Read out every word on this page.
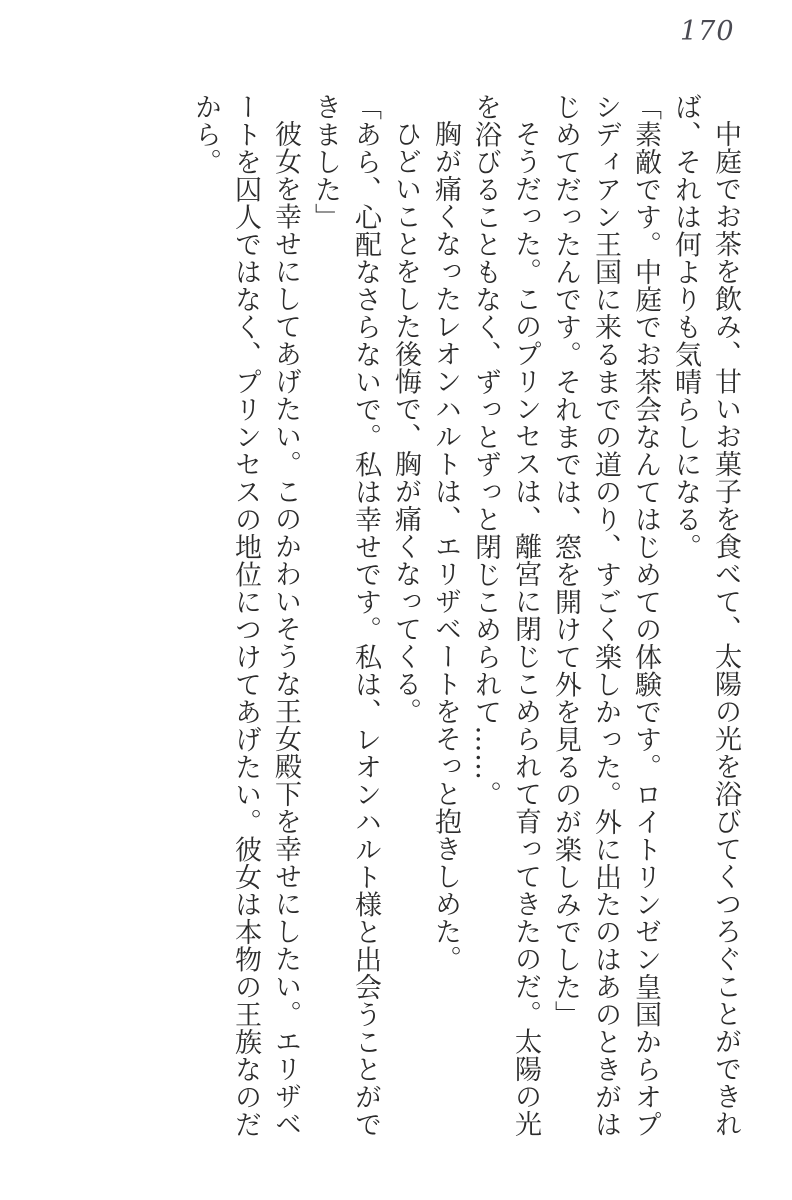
170

中庭でお茶を飲み、甘いお菓子を食べて、太陽の光を浴びてくつろぐことができれ

ば、それは何よりも気晴らしになる。

「素敵です。中庭でお茶会なんてはじめての体験です。ロイトリンゼン皇国からオプ

シディアン王国に来るまでの道のり、すごく楽しかった。外に出たのはあのときがは

じめてだったんです。それまでは、窓を開けて外を見るのが楽しみでした」

そうだった。このプリンセスは、離宮に閉じこめられて育ってきたのだ。太陽の光

を浴びることもなく、ずっとずっと閉じこめられて……。

胸が痛くなったレオンハルトは、エリザベートをそっと抱きしめた。

ひどいことをした後悔で、胸が痛くなってくる。

「あら、心配なさらないで。私は幸せです。私は、レオンハルト様と出会うことがで

きました」

彼女を幸せにしてあげたい。このかわいそうな王女殿下を幸せにしたい。エリザベ

ートを囚人ではなく、プリンセスの地位につけてあげたい。彼女は本物の王族なのだ

から。
